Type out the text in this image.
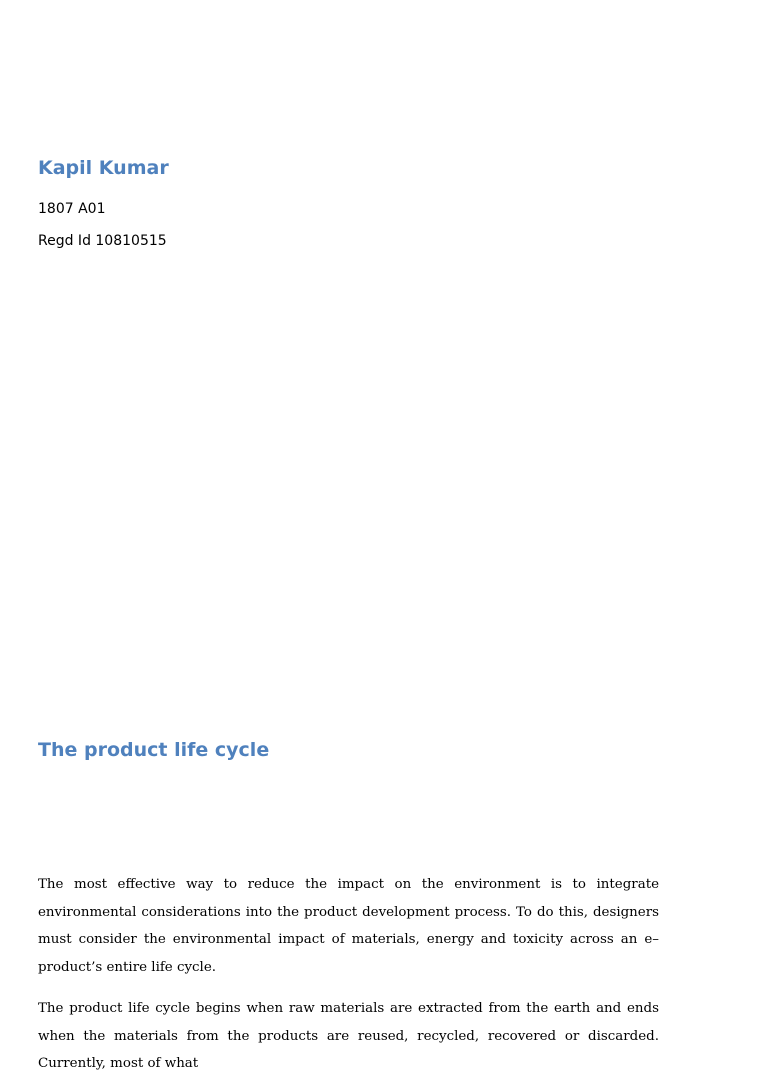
Kapil Kumar

1807 A01

Regd Id 10810515

The product life cycle

The most effective way to reduce the impact on the environment is to integrate environmental considerations into the product development process. To do this, designers must consider the environmental impact of materials, energy and toxicity across an e–product’s entire life cycle.

The product life cycle begins when raw materials are extracted from the earth and ends when the materials from the products are reused, recycled, recovered or discarded. Currently, most of what
